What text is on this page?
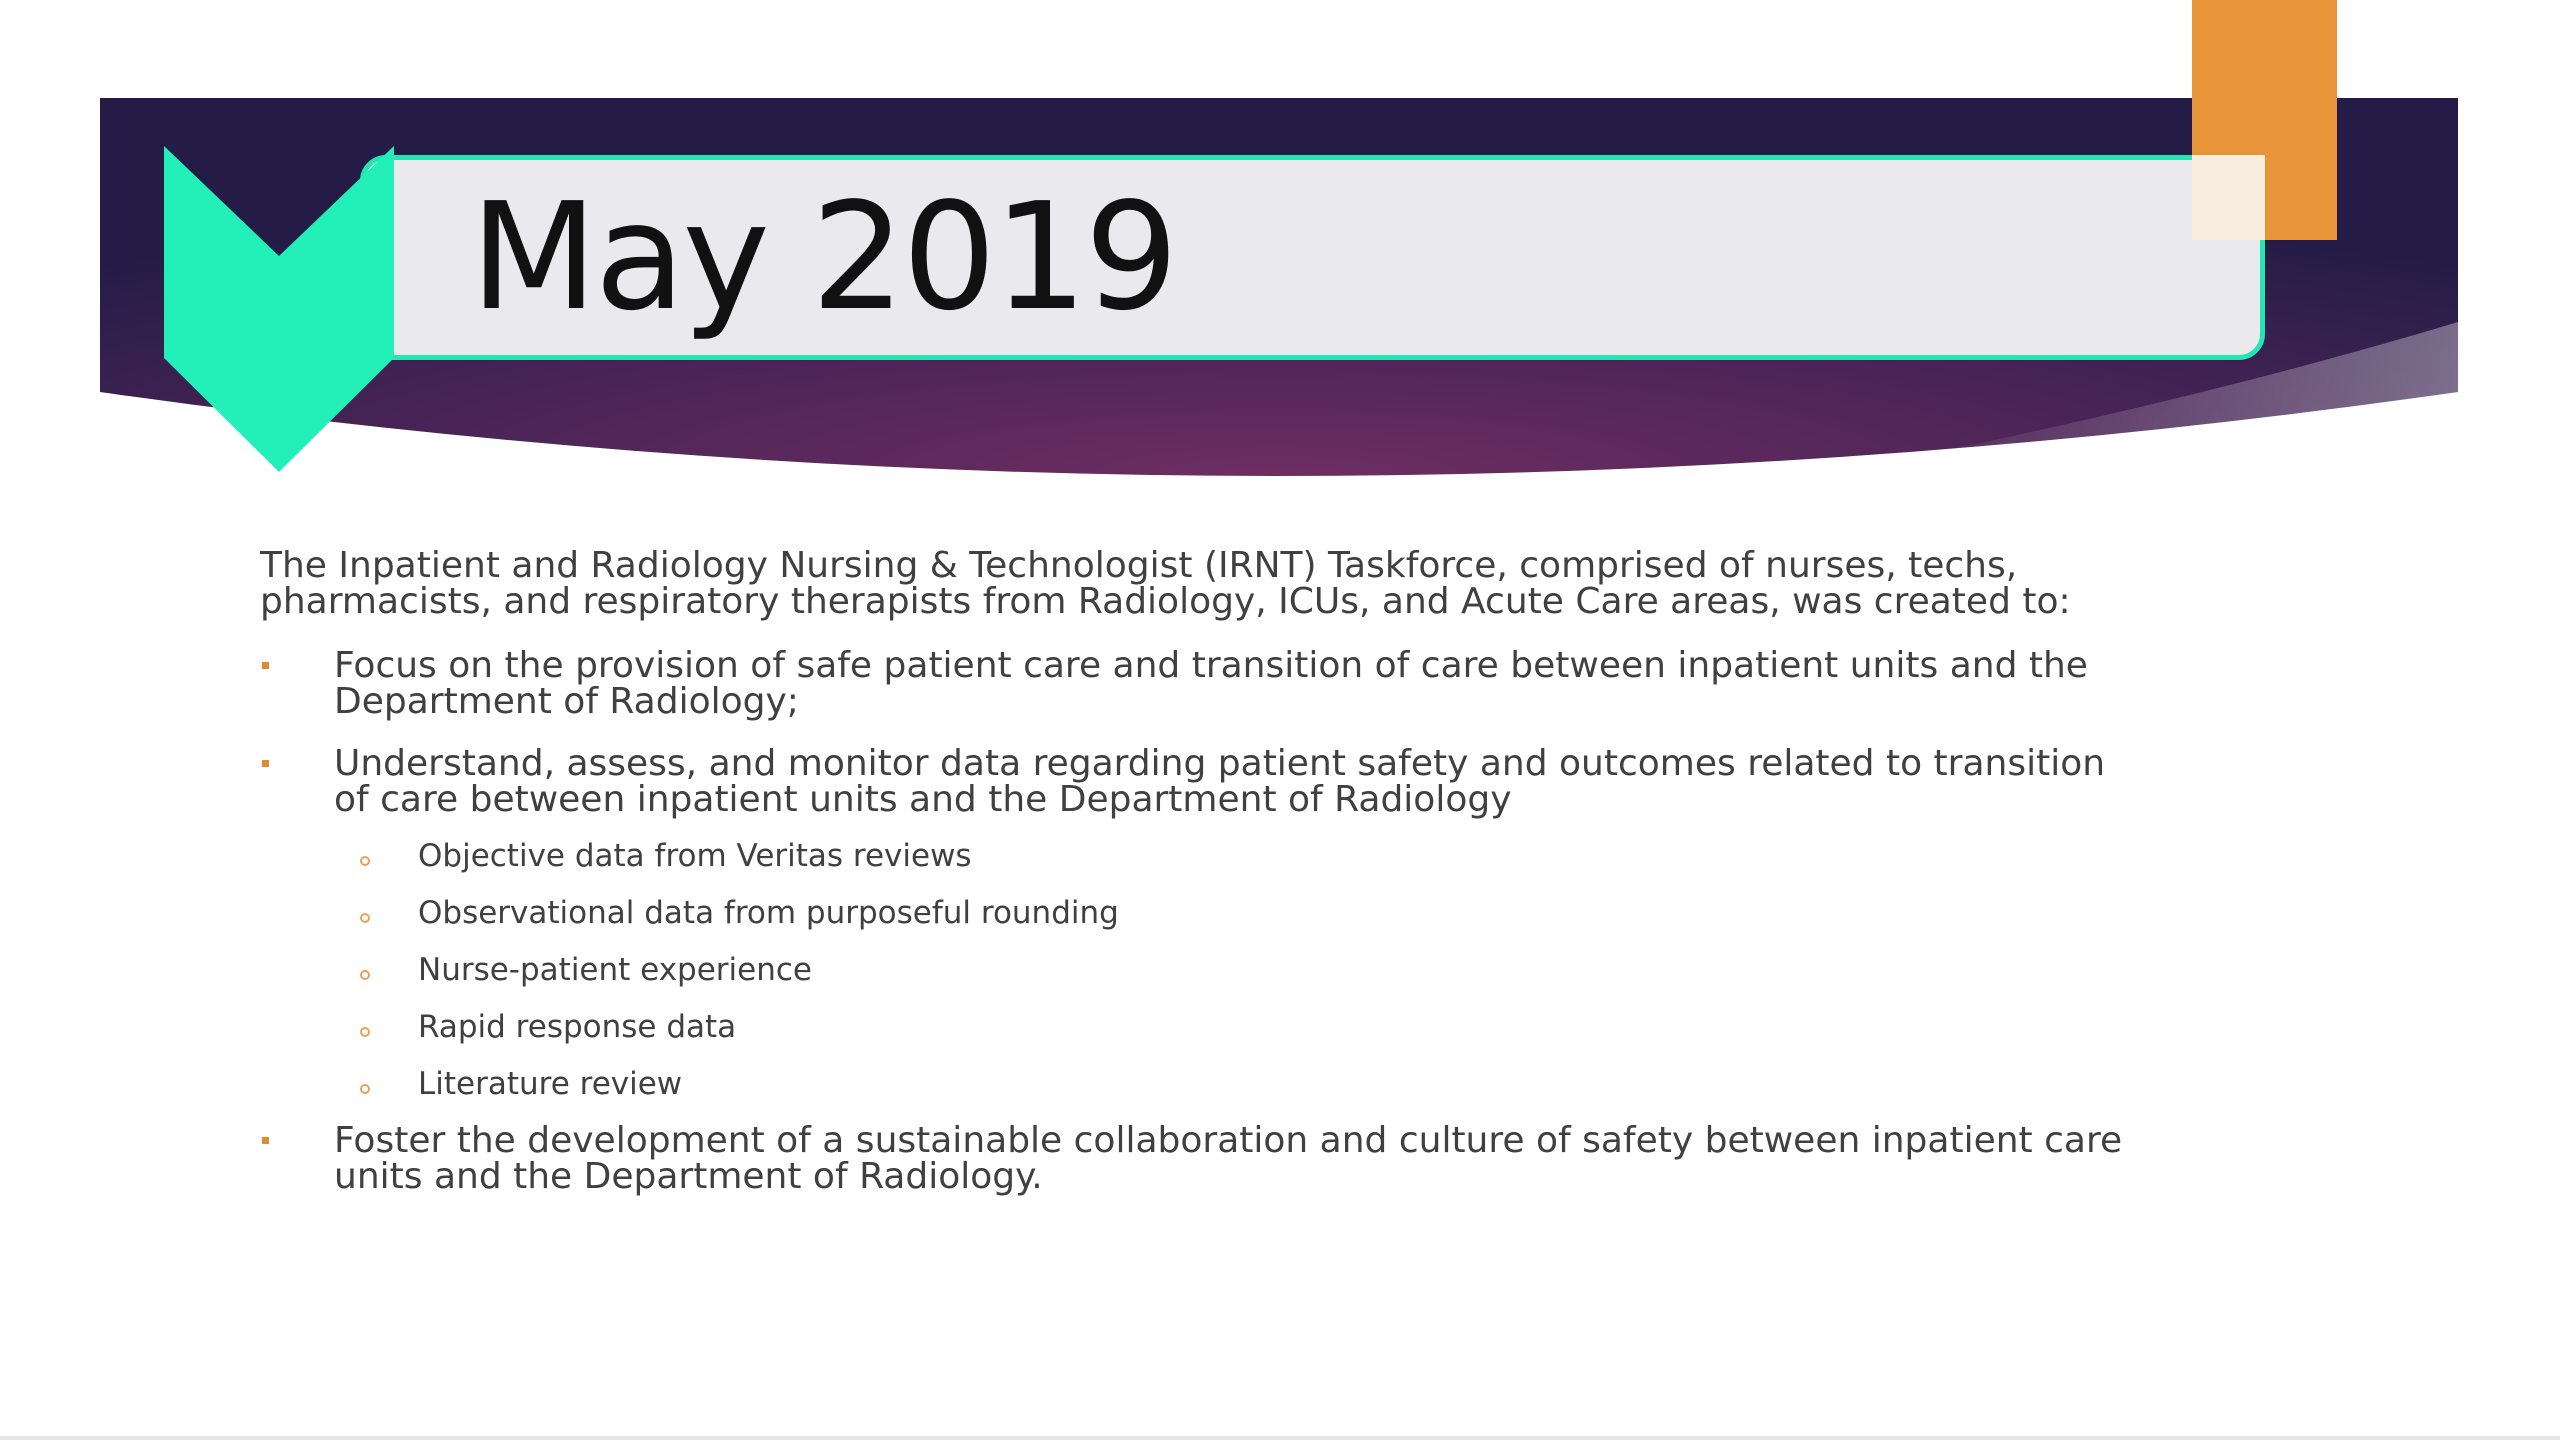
May 2019

The Inpatient and Radiology Nursing & Technologist (IRNT) Taskforce, comprised of nurses, techs, pharmacists, and respiratory therapists from Radiology, ICUs, and Acute Care areas, was created to:

Focus on the provision of safe patient care and transition of care between inpatient units and the Department of Radiology;
Understand, assess, and monitor data regarding patient safety and outcomes related to transition of care between inpatient units and the Department of Radiology
Objective data from Veritas reviews
Observational data from purposeful rounding
Nurse-patient experience
Rapid response data
Literature review
Foster the development of a sustainable collaboration and culture of safety between inpatient care units and the Department of Radiology.
